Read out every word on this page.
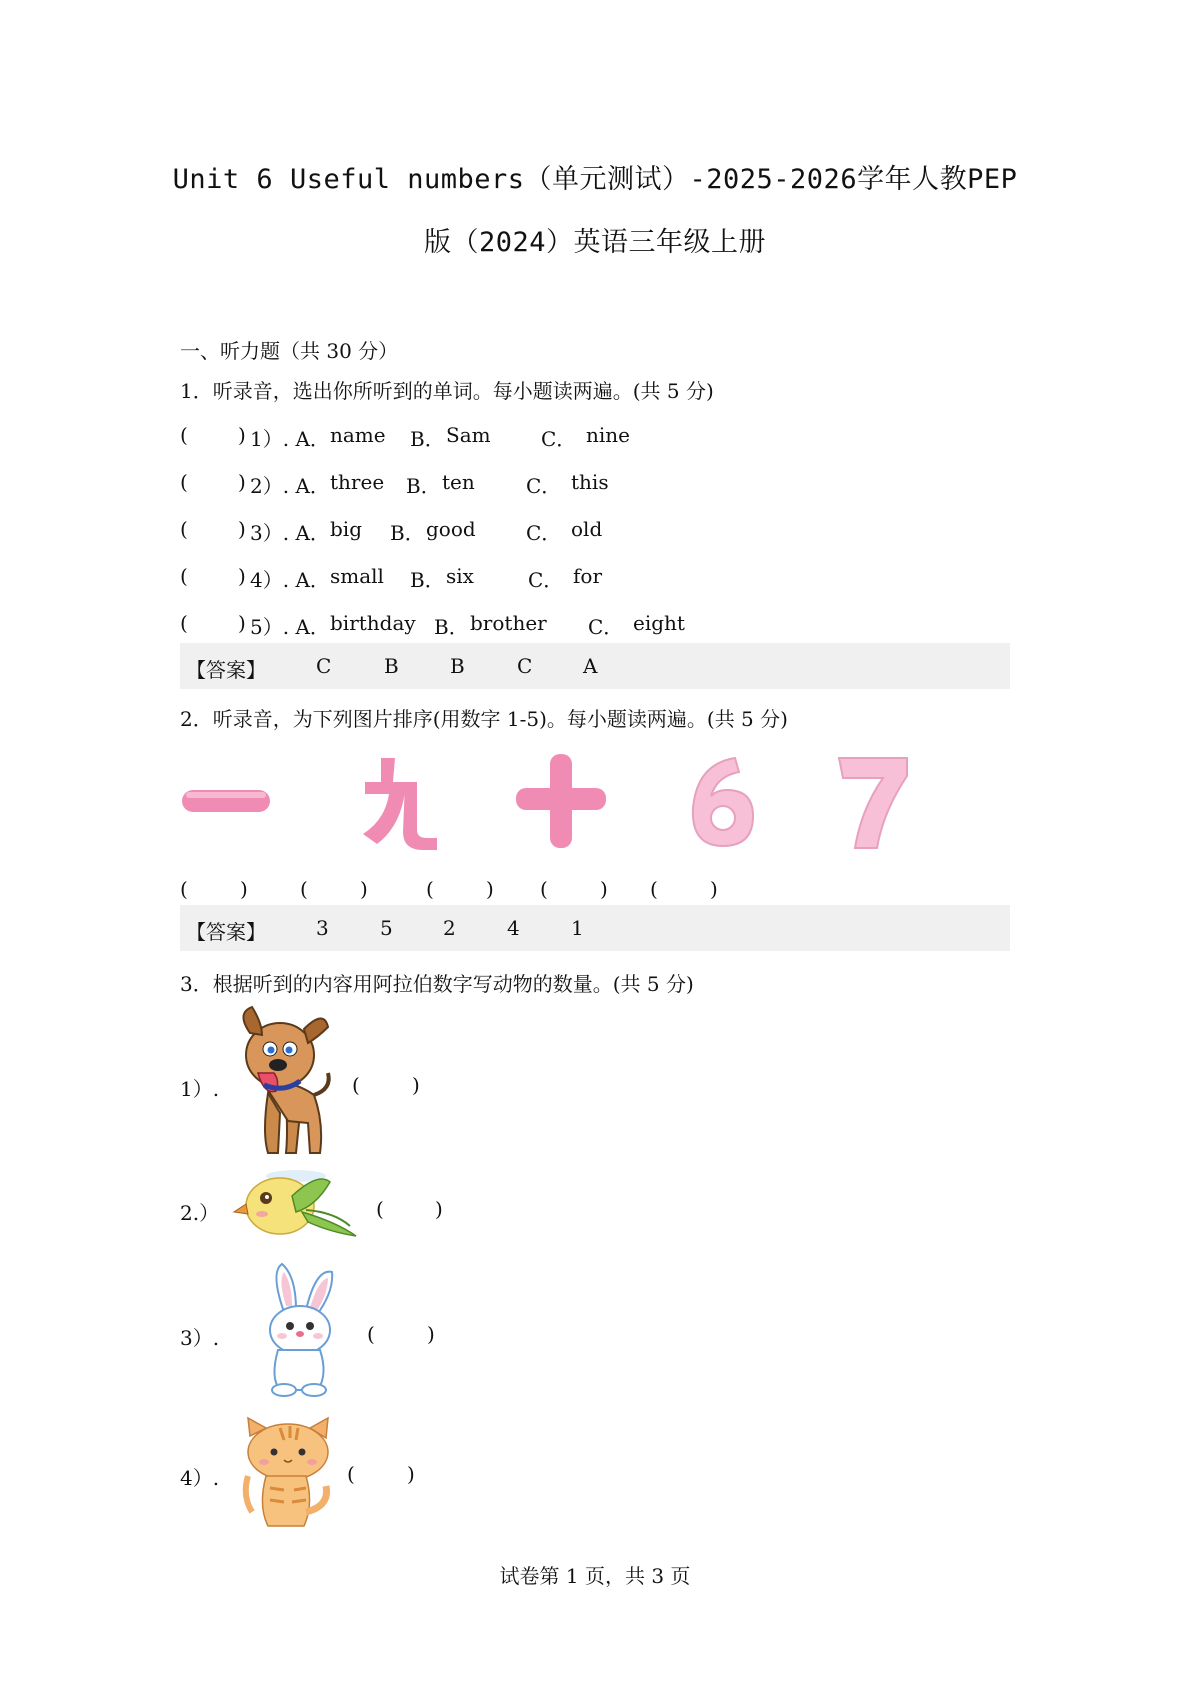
Unit 6 Useful numbers（单元测试）-2025-2026学年人教PEP
版（2024）英语三年级上册
一、听力题（共 30 分）
1．听录音，选出你所听到的单词。每小题读两遍。(共 5 分)
(	) 1）. A． name B． Sam	C． nine
(	) 2）. A． three B． ten	C． this
(	) 3）. A． big B． good	C． old
(	) 4）. A． small B． six	C． for
(	) 5）. A． birthday B． brother C． eight
【答案】	C	B	B	C	A
2．听录音，为下列图片排序(用数字 1-5)。每小题读两遍。(共 5 分)
(	)	(	)	(	) (	) (	)
【答案】	3	5	2	4	1
3．根据听到的内容用阿拉伯数字写动物的数量。(共 5 分)
1）.	(	)
2.）	(	)
3）.	(	)
4）.	(	)
试卷第 1 页，共 3 页
